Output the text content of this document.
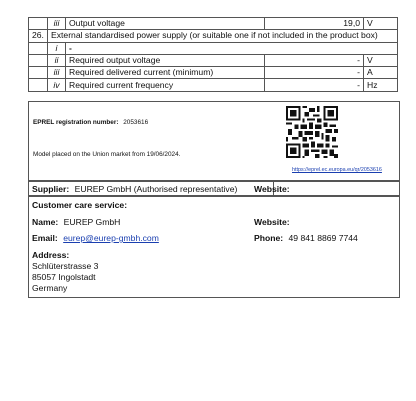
	iii	Output voltage	19,0	V
26.	External standardised power supply (or suitable one if not included in the product box)			
	i	-		
	ii	Required output voltage	-	V
	iii	Required delivered current (minimum)	-	A
	iv	Required current frequency	-	Hz
EPREL registration number: 2053616
Model placed on the Union market from 19/06/2024.
https://eprel.ec.europa.eu/qr/2053616
Supplier: EUREP GmbH (Authorised representative) Website:
Customer care service:
Name: EUREP GmbH	Website:
Email: eurep@eurep-gmbh.com	Phone: 49 841 8869 7744
Address:
Schlüterstrasse 3
85057 Ingolstadt
Germany
